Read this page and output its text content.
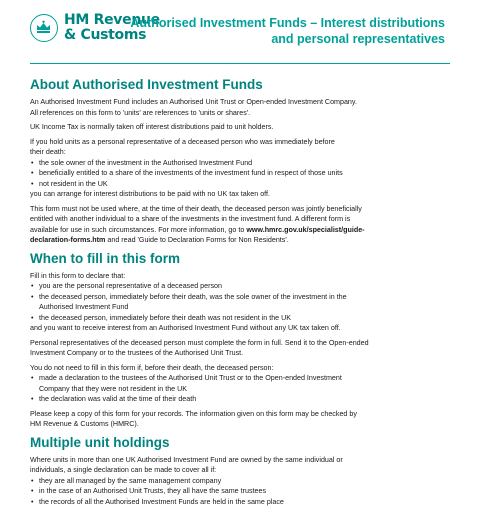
HM Revenue
& Customs
Authorised Investment Funds – Interest distributions
and personal representatives
About Authorised Investment Funds

An Authorised Investment Fund includes an Authorised Unit Trust or Open-ended Investment Company.

All references on this form to 'units' are references to 'units or shares'.

UK Income Tax is normally taken off interest distributions paid to unit holders.

If you hold units as a personal representative of a deceased person who was immediately before

their death:

• the sole owner of the investment in the Authorised Investment Fund
• beneficially entitled to a share of the investments of the investment fund in respect of those units
• not resident in the UK

you can arrange for interest distributions to be paid with no UK tax taken off.

This form must not be used where, at the time of their death, the deceased person was jointly beneficially

entitled with another individual to a share of the investments in the investment fund. A different form is

available for use in such circumstances. For more information, go to www.hmrc.gov.uk/specialist/guide-

declaration-forms.htm and read 'Guide to Declaration Forms for Non Residents'.

When to fill in this form

Fill in this form to declare that:

• you are the personal representative of a deceased person
• the deceased person, immediately before their death, was the sole owner of the investment in the
Authorised Investment Fund
• the deceased person, immediately before their death was not resident in the UK

and you want to receive interest from an Authorised Investment Fund without any UK tax taken off.

Personal representatives of the deceased person must complete the form in full. Send it to the Open-ended

Investment Company or to the trustees of the Authorised Unit Trust.

You do not need to fill in this form if, before their death, the deceased person:

• made a declaration to the trustees of the Authorised Unit Trust or to the Open-ended Investment
Company that they were not resident in the UK
• the declaration was valid at the time of their death

Please keep a copy of this form for your records. The information given on this form may be checked by

HM Revenue & Customs (HMRC).

Multiple unit holdings

Where units in more than one UK Authorised Investment Fund are owned by the same individual or

individuals, a single declaration can be made to cover all if:

• they are all managed by the same management company
• in the case of an Authorised Unit Trusts, they all have the same trustees
• the records of all the Authorised Investment Funds are held in the same place
